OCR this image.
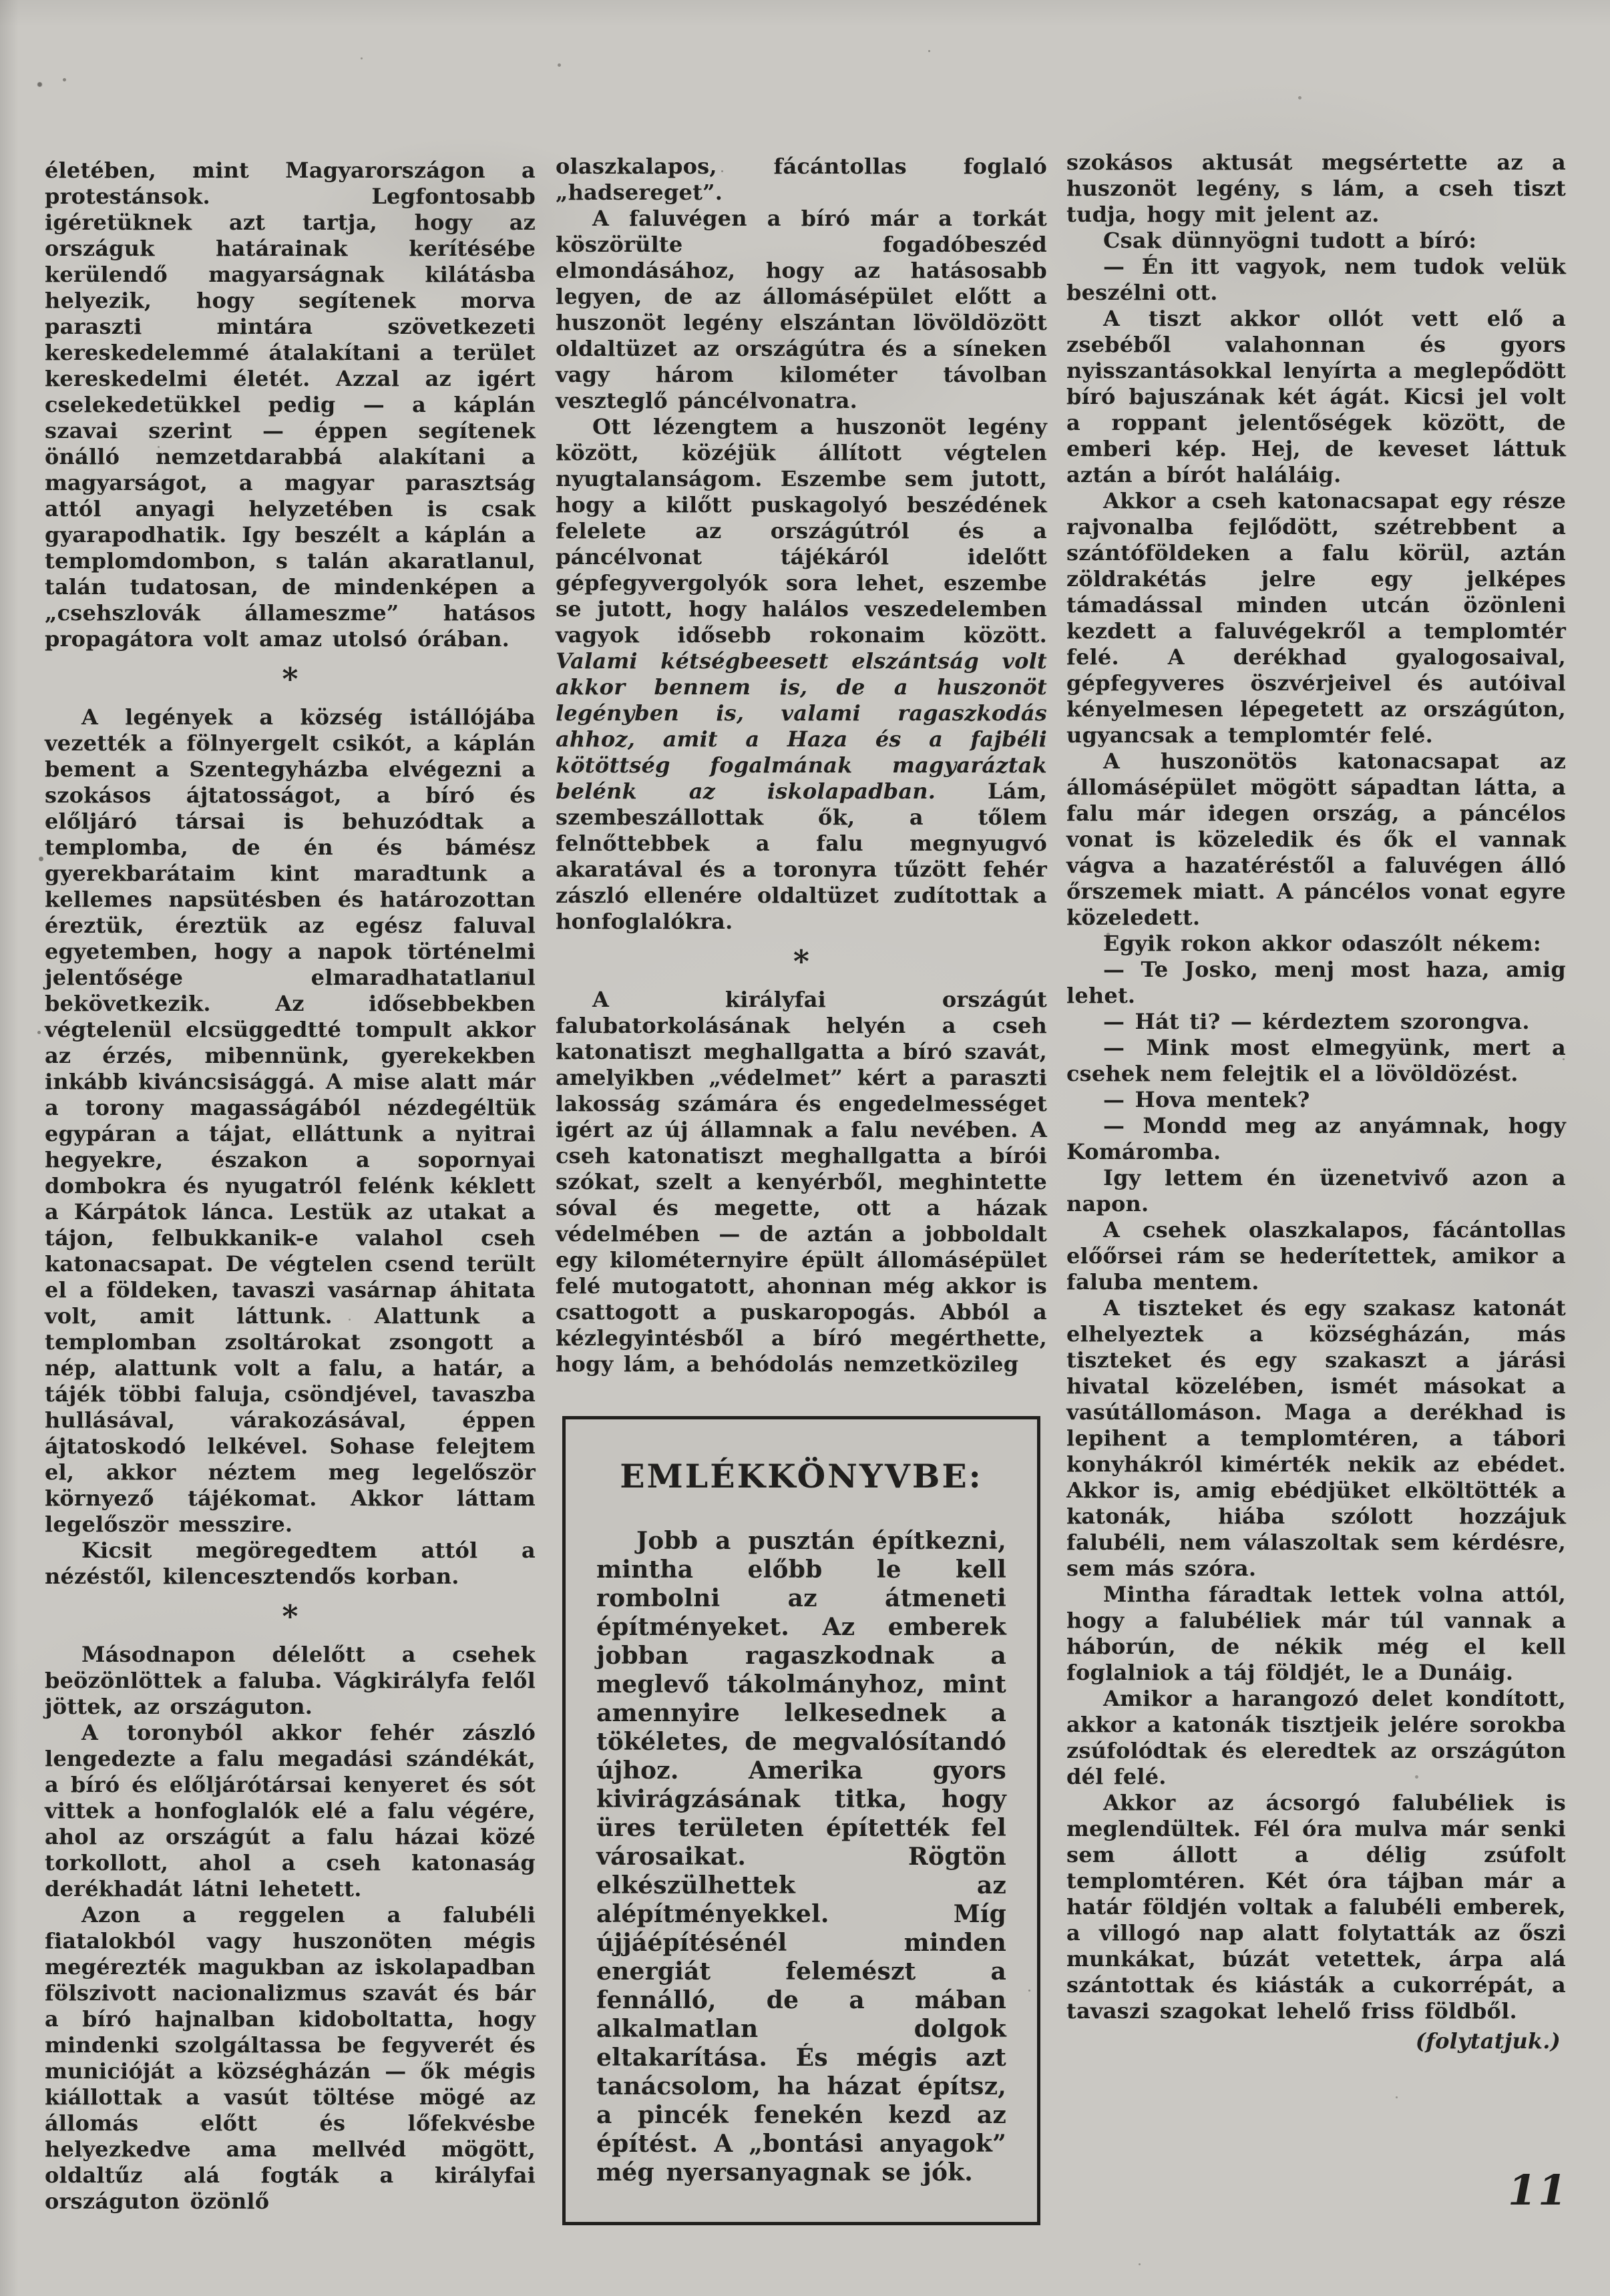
életében, mint Magyarországon a protestánsok. Legfontosabb igéretüknek azt tartja, hogy az országuk határainak kerítésébe kerülendő magyarságnak kilátásba helyezik, hogy segítenek morva paraszti mintára szövetkezeti kereskedelemmé átalakítani a terület kereskedelmi életét. Azzal az igért cselekedetükkel pedig — a káplán szavai szerint — éppen segítenek önálló nemzetdarabbá alakítani a magyarságot, a magyar parasztság attól anyagi helyzetében is csak gyarapodhatik. Igy beszélt a káplán a templomdombon, s talán akaratlanul, talán tudatosan, de mindenképen a „csehszlovák állameszme” hatásos propagátora volt amaz utolsó órában.

*

A legények a község istállójába vezették a fölnyergelt csikót, a káplán bement a Szentegyházba elvégezni a szokásos ájtatosságot, a bíró és előljáró társai is behuzódtak a templomba, de én és bámész gyerekbarátaim kint maradtunk a kellemes napsütésben és határozottan éreztük, éreztük az egész faluval egyetemben, hogy a napok történelmi jelentősége elmaradhatatlanul bekövetkezik. Az idősebbekben végtelenül elcsüggedtté tompult akkor az érzés, mibennünk, gyerekekben inkább kiváncsisággá. A mise alatt már a torony magasságából nézdegéltük egypáran a tájat, elláttunk a nyitrai hegyekre, északon a sopornyai dombokra és nyugatról felénk kéklett a Kárpátok lánca. Lestük az utakat a tájon, felbukkanik-e valahol cseh katonacsapat. De végtelen csend terült el a földeken, tavaszi vasárnap áhitata volt, amit láttunk. Alattunk a templomban zsoltárokat zsongott a nép, alattunk volt a falu, a határ, a tájék többi faluja, csöndjével, tavaszba hullásával, várakozásával, éppen ájtatoskodó lelkével. Sohase felejtem el, akkor néztem meg legelőször környező tájékomat. Akkor láttam legelőször messzire.

Kicsit megöregedtem attól a nézéstől, kilencesztendős korban.

*

Másodnapon délelőtt a csehek beözönlöttek a faluba. Vágkirályfa felől jöttek, az országuton.

A toronyból akkor fehér zászló lengedezte a falu megadási szándékát, a bíró és előljárótársai kenyeret és sót vittek a honfoglalók elé a falu végére, ahol az országút a falu házai közé torkollott, ahol a cseh katonaság derékhadát látni lehetett.

Azon a reggelen a falubéli fiatalokból vagy huszonöten mégis megérezték magukban az iskolapadban fölszivott nacionalizmus szavát és bár a bíró hajnalban kidoboltatta, hogy mindenki szolgáltassa be fegyverét és municióját a községházán — ők mégis kiállottak a vasút töltése mögé az állomás előtt és lőfekvésbe helyezkedve ama mellvéd mögött, oldaltűz alá fogták a királyfai országuton özönlő

olaszkalapos, fácántollas foglaló „hadsereget”.

A faluvégen a bíró már a torkát köszörülte fogadóbeszéd elmondásához, hogy az hatásosabb legyen, de az állomásépület előtt a huszonöt legény elszántan lövöldözött oldaltüzet az országútra és a síneken vagy három kilométer távolban veszteglő páncélvonatra.

Ott lézengtem a huszonöt legény között, közéjük állított végtelen nyugtalanságom. Eszembe sem jutott, hogy a kilőtt puskagolyó beszédének felelete az országútról és a páncélvonat tájékáról idelőtt gépfegyvergolyók sora lehet, eszembe se jutott, hogy halálos veszedelemben vagyok idősebb rokonaim között. Valami kétségbeesett elszántság volt akkor bennem is, de a huszonöt legényben is, valami ragaszkodás ahhoz, amit a Haza és a fajbéli kötöttség fogalmának magyaráztak belénk az iskolapadban. Lám, szembeszállottak ők, a tőlem felnőttebbek a falu megnyugvó akaratával és a toronyra tűzött fehér zászló ellenére oldaltüzet zudítottak a honfoglalókra.

*

A királyfai országút falubatorkolásának helyén a cseh katonatiszt meghallgatta a bíró szavát, amelyikben „védelmet” kért a paraszti lakosság számára és engedelmességet igért az új államnak a falu nevében. A cseh katonatiszt meghallgatta a bírói szókat, szelt a kenyérből, meghintette sóval és megette, ott a házak védelmében — de aztán a jobboldalt egy kilométernyire épült állomásépület felé mutogatott, ahonnan még akkor is csattogott a puskaropogás. Abból a kézlegyintésből a bíró megérthette, hogy lám, a behódolás nemzetközileg

EMLÉKKÖNYVBE:

Jobb a pusztán építkezni, mintha előbb le kell rombolni az átmeneti építményeket. Az emberek jobban ragaszkodnak a meglevő tákolmányhoz, mint amennyire lelkesednek a tökéletes, de megvalósítandó újhoz. Amerika gyors kivirágzásának titka, hogy üres területen építették fel városaikat. Rögtön elkészülhettek az alépítményekkel. Míg újjáépítésénél minden energiát felemészt a fennálló, de a mában alkalmatlan dolgok eltakarítása. És mégis azt tanácsolom, ha házat építsz, a pincék fenekén kezd az építést. A „bontási anyagok” még nyersanyagnak se jók.

szokásos aktusát megsértette az a huszonöt legény, s lám, a cseh tiszt tudja, hogy mit jelent az.

Csak dünnyögni tudott a bíró:

— Én itt vagyok, nem tudok velük beszélni ott.

A tiszt akkor ollót vett elő a zsebéből valahonnan és gyors nyisszantásokkal lenyírta a meglepődött bíró bajuszának két ágát. Kicsi jel volt a roppant jelentőségek között, de emberi kép. Hej, de keveset láttuk aztán a bírót haláláig.

Akkor a cseh katonacsapat egy része rajvonalba fejlődött, szétrebbent a szántóföldeken a falu körül, aztán zöldrakétás jelre egy jelképes támadással minden utcán özönleni kezdett a faluvégekről a templomtér felé. A derékhad gyalogosaival, gépfegyveres öszvérjeivel és autóival kényelmesen lépegetett az országúton, ugyancsak a templomtér felé.

A huszonötös katonacsapat az állomásépület mögött sápadtan látta, a falu már idegen ország, a páncélos vonat is közeledik és ők el vannak vágva a hazatéréstől a faluvégen álló őrszemek miatt. A páncélos vonat egyre közeledett.

Egyik rokon akkor odaszólt nékem:

— Te Josko, menj most haza, amig lehet.

— Hát ti? — kérdeztem szorongva.

— Mink most elmegyünk, mert a csehek nem felejtik el a lövöldözést.

— Hova mentek?

— Mondd meg az anyámnak, hogy Komáromba.

Igy lettem én üzenetvivő azon a napon.

A csehek olaszkalapos, fácántollas előőrsei rám se hederítettek, amikor a faluba mentem.

A tiszteket és egy szakasz katonát elhelyeztek a községházán, más tiszteket és egy szakaszt a járási hivatal közelében, ismét másokat a vasútállomáson. Maga a derékhad is lepihent a templomtéren, a tábori konyhákról kimérték nekik az ebédet. Akkor is, amig ebédjüket elköltötték a katonák, hiába szólott hozzájuk falubéli, nem válaszoltak sem kérdésre, sem más szóra.

Mintha fáradtak lettek volna attól, hogy a falubéliek már túl vannak a háborún, de nékik még el kell foglalniok a táj földjét, le a Dunáig.

Amikor a harangozó delet kondított, akkor a katonák tisztjeik jelére sorokba zsúfolódtak és eleredtek az országúton dél felé.

Akkor az ácsorgó falubéliek is meglendültek. Fél óra mulva már senki sem állott a délig zsúfolt templomtéren. Két óra tájban már a határ földjén voltak a falubéli emberek, a villogó nap alatt folytatták az őszi munkákat, búzát vetettek, árpa alá szántottak és kiásták a cukorrépát, a tavaszi szagokat lehelő friss földből.

(folytatjuk.)

11
